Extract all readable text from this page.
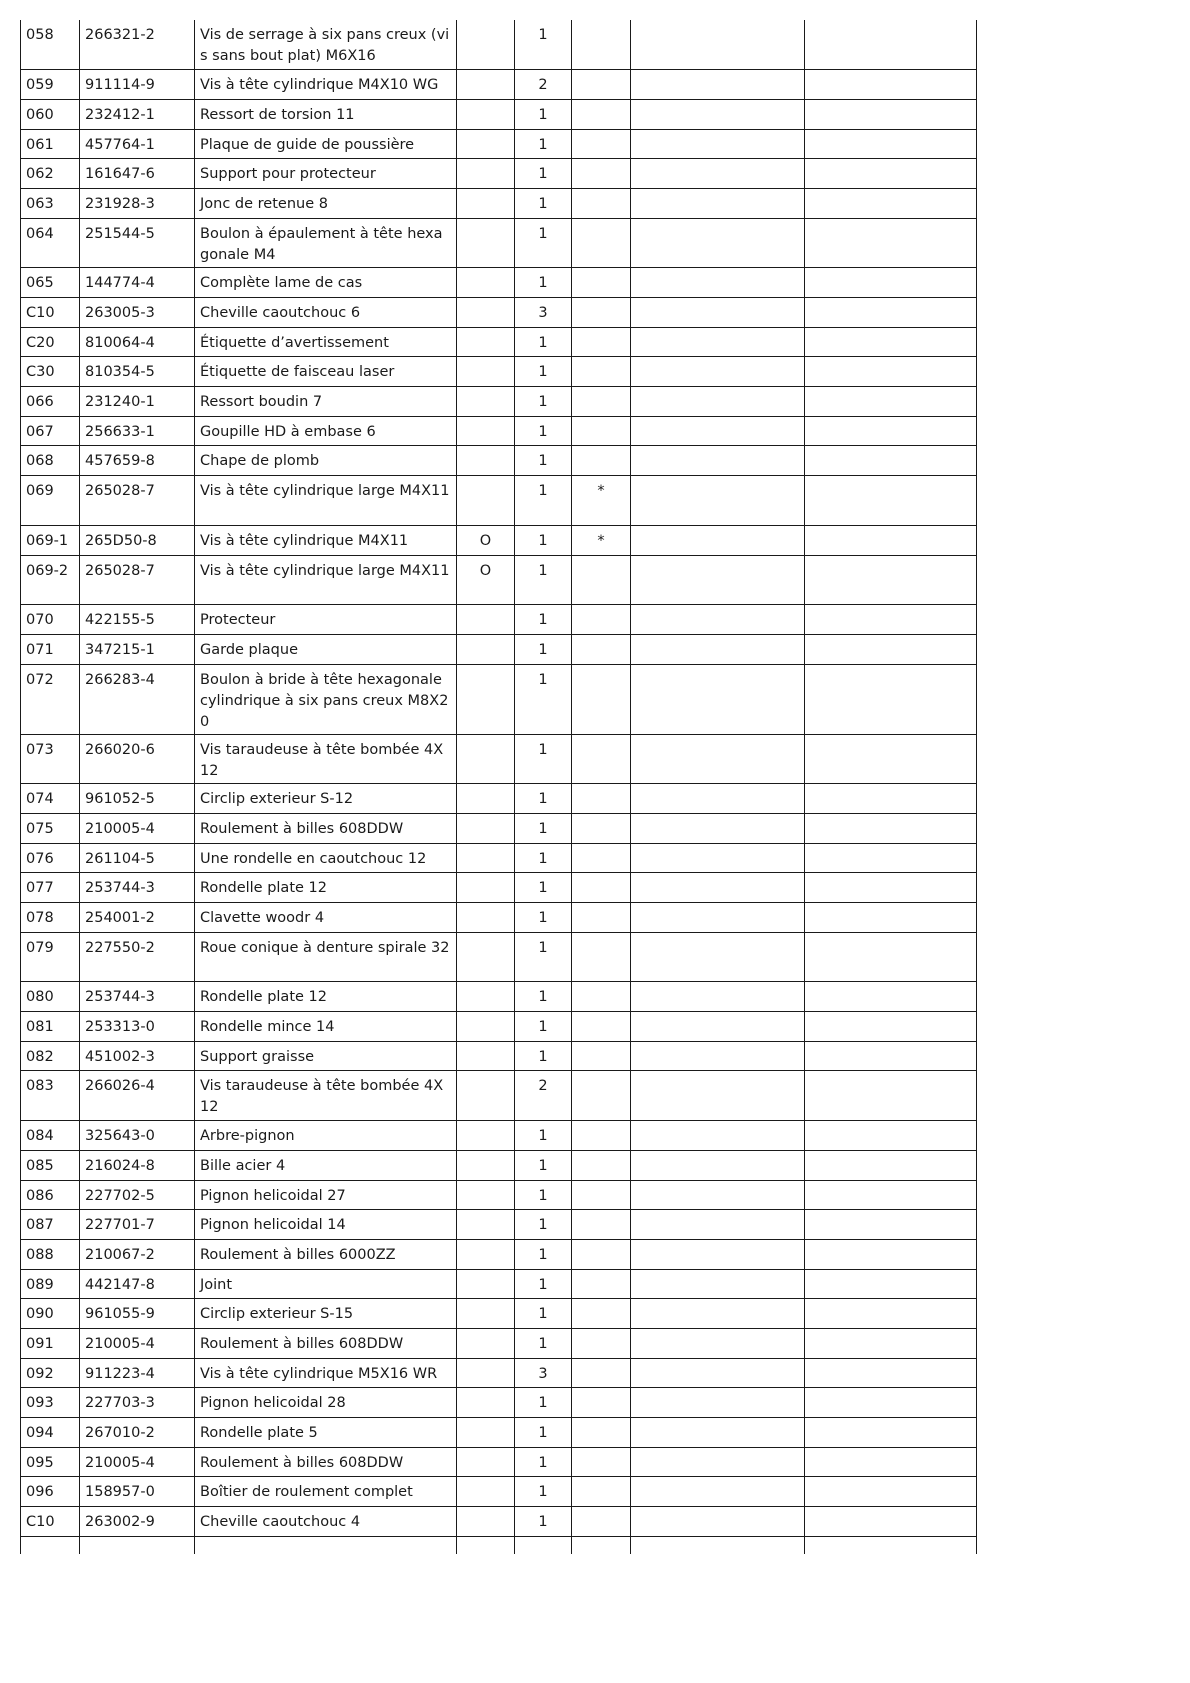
058	266321-2	Vis de serrage à six pans creux (vis sans bout plat) M6X16		1			
059	911114-9	Vis à tête cylindrique M4X10 WG		2			
060	232412-1	Ressort de torsion 11		1			
061	457764-1	Plaque de guide de poussière		1			
062	161647-6	Support pour protecteur		1			
063	231928-3	Jonc de retenue 8		1			
064	251544-5	Boulon à épaulement à tête hexagonale M4		1			
065	144774-4	Complète lame de cas		1			
C10	263005-3	Cheville caoutchouc 6		3			
C20	810064-4	Étiquette d’avertissement		1			
C30	810354-5	Étiquette de faisceau laser		1			
066	231240-1	Ressort boudin 7		1			
067	256633-1	Goupille HD à embase 6		1			
068	457659-8	Chape de plomb		1			
069	265028-7	Vis à tête cylindrique large M4X11		1	*		
069-1	265D50-8	Vis à tête cylindrique M4X11	O	1	*		
069-2	265028-7	Vis à tête cylindrique large M4X11	O	1			
070	422155-5	Protecteur		1			
071	347215-1	Garde plaque		1			
072	266283-4	Boulon à bride à tête hexagonale cylindrique à six pans creux M8X20		1			
073	266020-6	Vis taraudeuse à tête bombée 4X12		1			
074	961052-5	Circlip exterieur S-12		1			
075	210005-4	Roulement à billes 608DDW		1			
076	261104-5	Une rondelle en caoutchouc 12		1			
077	253744-3	Rondelle plate 12		1			
078	254001-2	Clavette woodr 4		1			
079	227550-2	Roue conique à denture spirale 32		1			
080	253744-3	Rondelle plate 12		1			
081	253313-0	Rondelle mince 14		1			
082	451002-3	Support graisse		1			
083	266026-4	Vis taraudeuse à tête bombée 4X12		2			
084	325643-0	Arbre-pignon		1			
085	216024-8	Bille acier 4		1			
086	227702-5	Pignon helicoidal 27		1			
087	227701-7	Pignon helicoidal 14		1			
088	210067-2	Roulement à billes 6000ZZ		1			
089	442147-8	Joint		1			
090	961055-9	Circlip exterieur S-15		1			
091	210005-4	Roulement à billes 608DDW		1			
092	911223-4	Vis à tête cylindrique M5X16 WR		3			
093	227703-3	Pignon helicoidal 28		1			
094	267010-2	Rondelle plate 5		1			
095	210005-4	Roulement à billes 608DDW		1			
096	158957-0	Boîtier de roulement complet		1			
C10	263002-9	Cheville caoutchouc 4		1			
